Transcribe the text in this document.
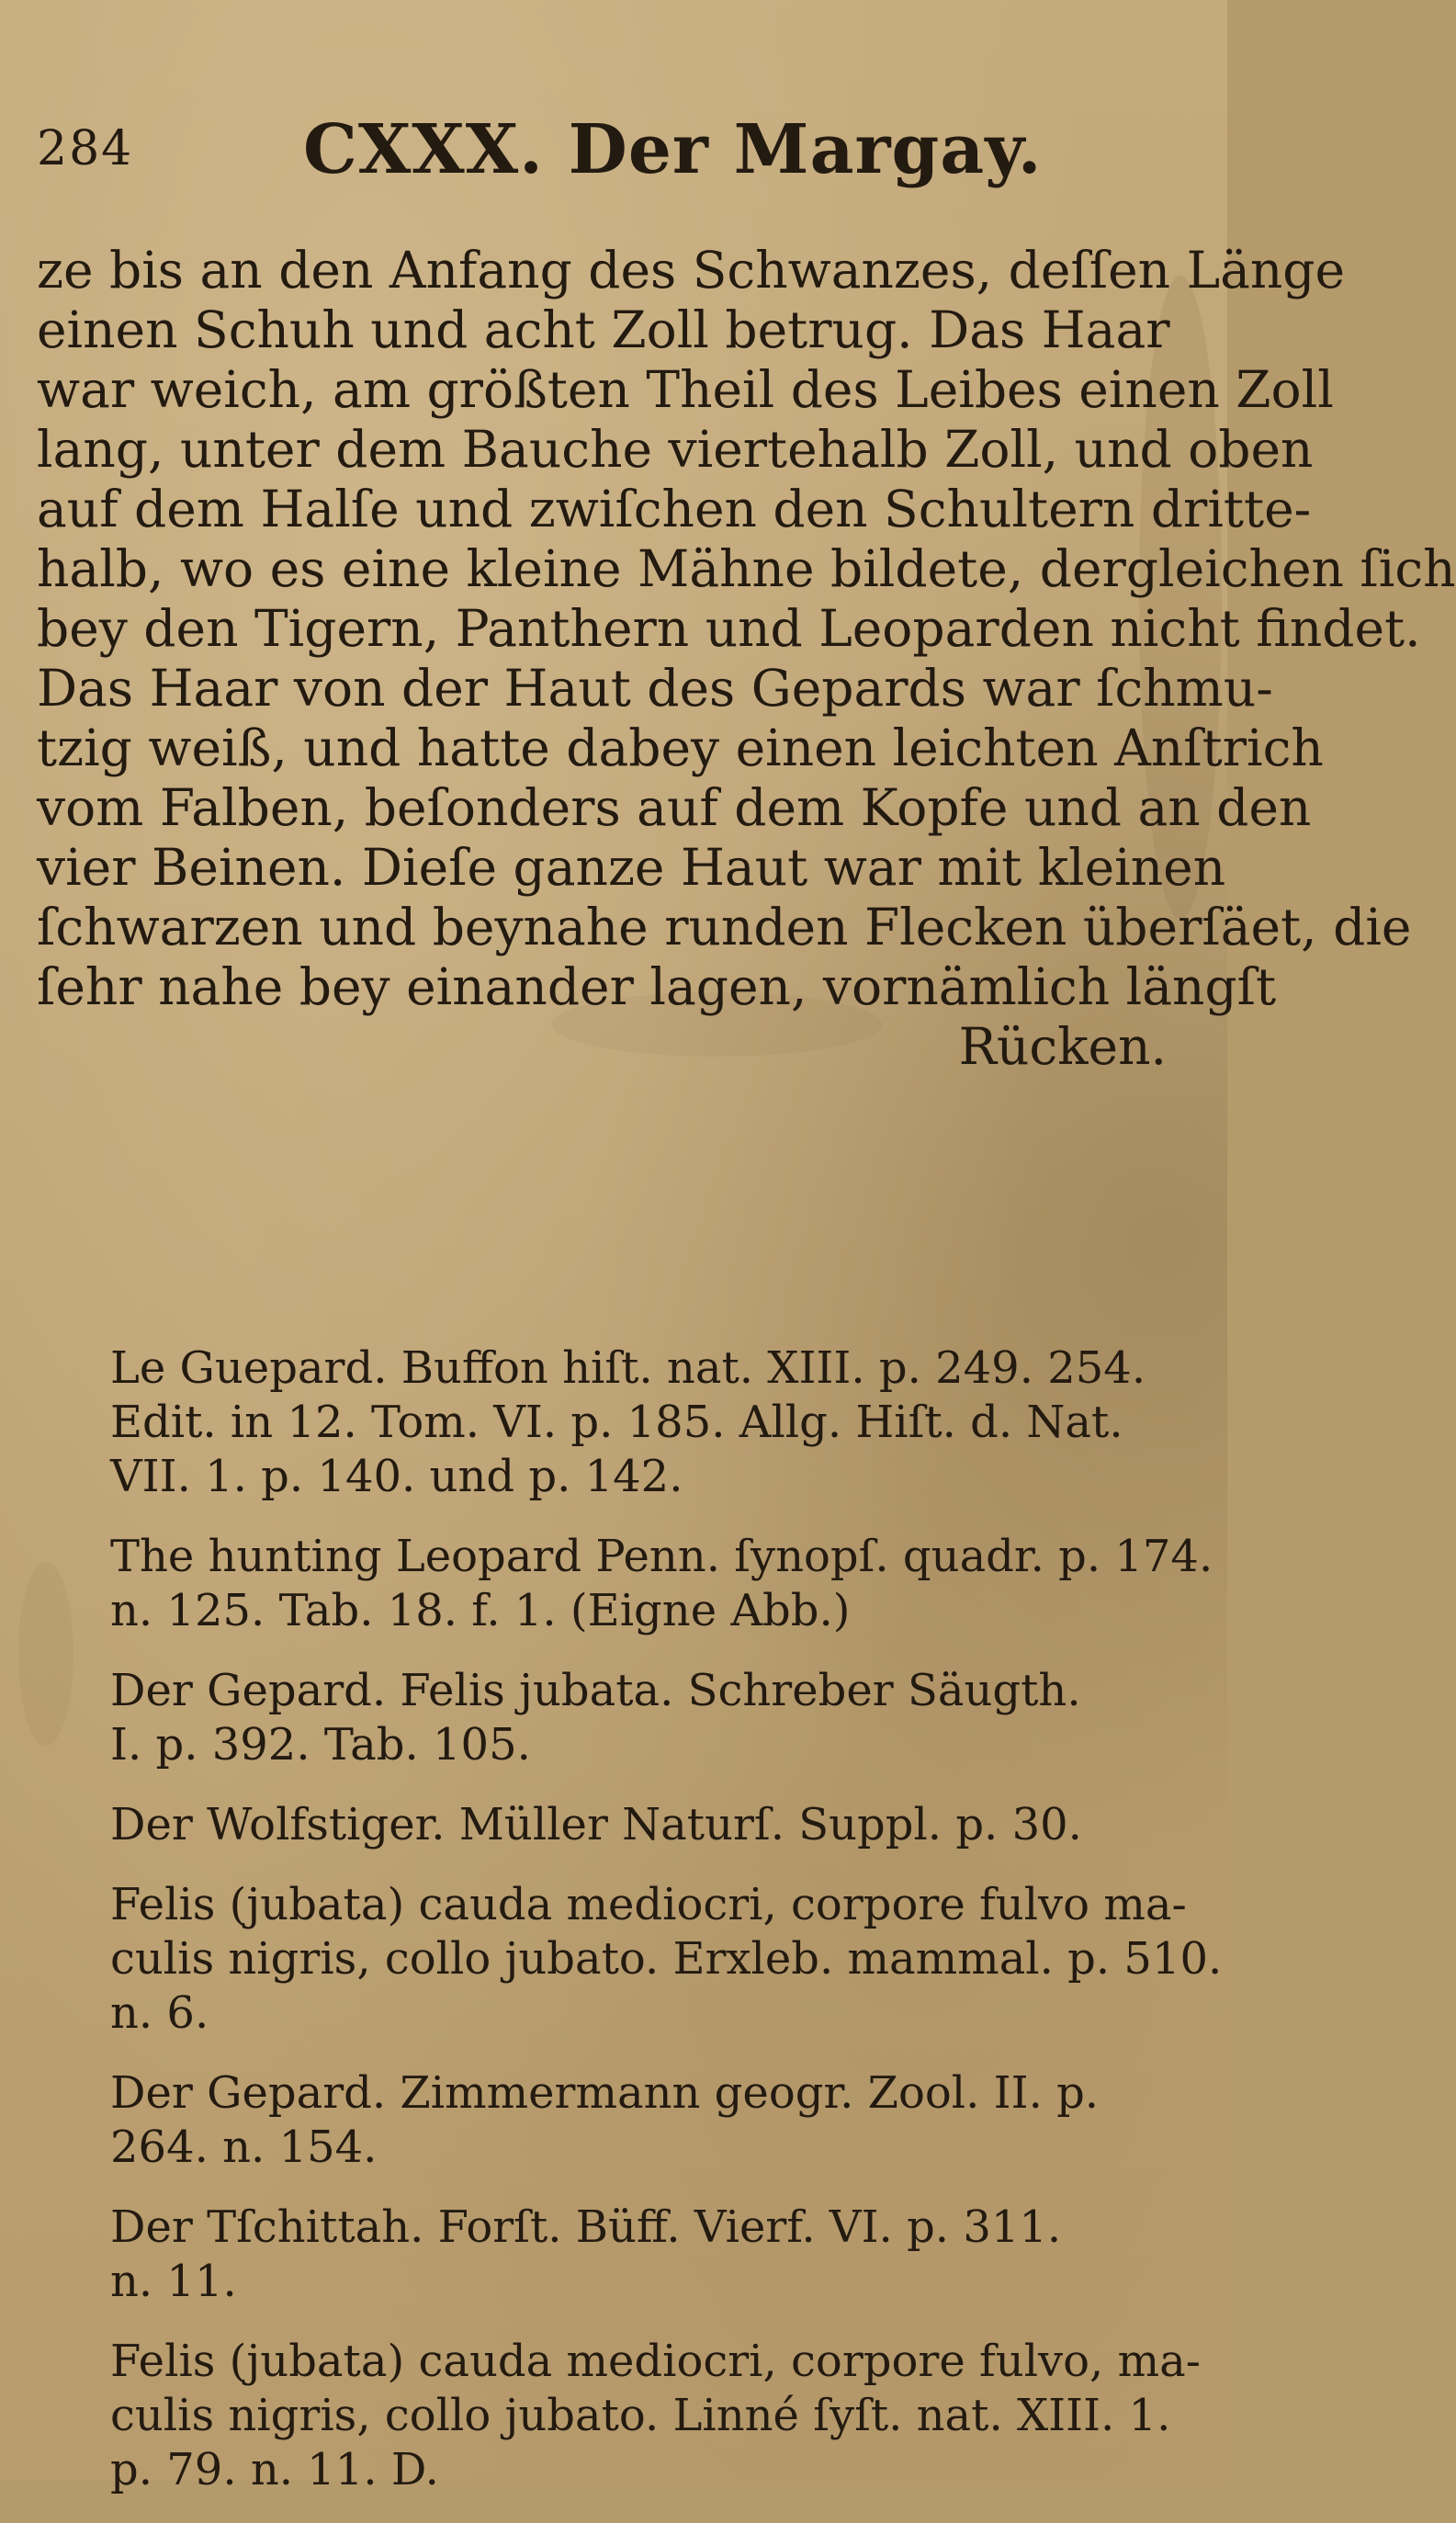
284 CXXX. Der Margay.
ze bis an den Anfang des Schwanzes, deſſen Länge
einen Schuh und acht Zoll betrug. Das Haar
war weich, am größten Theil des Leibes einen Zoll
lang, unter dem Bauche viertehalb Zoll, und oben
auf dem Halſe und zwiſchen den Schultern dritte-
halb, wo es eine kleine Mähne bildete, dergleichen ſich
bey den Tigern, Panthern und Leoparden nicht findet.
Das Haar von der Haut des Gepards war ſchmu-
tzig weiß, und hatte dabey einen leichten Anſtrich
vom Falben, beſonders auf dem Kopfe und an den
vier Beinen. Dieſe ganze Haut war mit kleinen
ſchwarzen und beynahe runden Flecken überſäet, die
ſehr nahe bey einander lagen, vornämlich längſt
Rücken.
Le Guepard. Buffon hiſt. nat. XIII. p. 249. 254.
Edit. in 12. Tom. VI. p. 185. Allg. Hiſt. d. Nat.
VII. 1. p. 140. und p. 142.
The hunting Leopard Penn. ſynopſ. quadr. p. 174.
n. 125. Tab. 18. f. 1. (Eigne Abb.)
Der Gepard. Felis jubata. Schreber Säugth.
I. p. 392. Tab. 105.
Der Wolfstiger. Müller Naturſ. Suppl. p. 30.
Felis (jubata) cauda mediocri, corpore fulvo ma-
culis nigris, collo jubato. Erxleb. mammal. p. 510.
n. 6.
Der Gepard. Zimmermann geogr. Zool. II. p.
264. n. 154.
Der Tſchittah. Forſt. Büff. Vierf. VI. p. 311.
n. 11.
Felis (jubata) cauda mediocri, corpore fulvo, ma-
culis nigris, collo jubato. Linné ſyſt. nat. XIII. 1.
p. 79. n. 11. D.
